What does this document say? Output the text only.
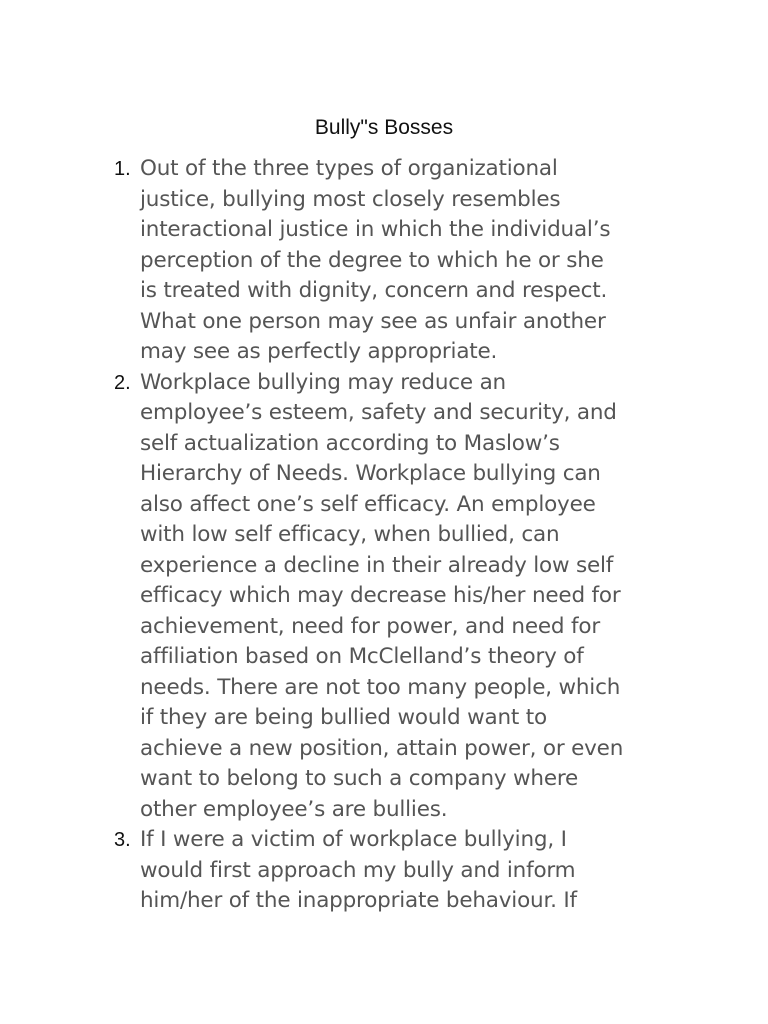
Bully"s Bosses
1. Out of the three types of organizational
justice, bullying most closely resembles
interactional justice in which the individual’s
perception of the degree to which he or she
is treated with dignity, concern and respect.
What one person may see as unfair another
may see as perfectly appropriate.
2. Workplace bullying may reduce an
employee’s esteem, safety and security, and
self actualization according to Maslow’s
Hierarchy of Needs. Workplace bullying can
also affect one’s self efficacy. An employee
with low self efficacy, when bullied, can
experience a decline in their already low self
efficacy which may decrease his/her need for
achievement, need for power, and need for
affiliation based on McClelland’s theory of
needs. There are not too many people, which
if they are being bullied would want to
achieve a new position, attain power, or even
want to belong to such a company where
other employee’s are bullies.
3. If I were a victim of workplace bullying, I
would first approach my bully and inform
him/her of the inappropriate behaviour. If
